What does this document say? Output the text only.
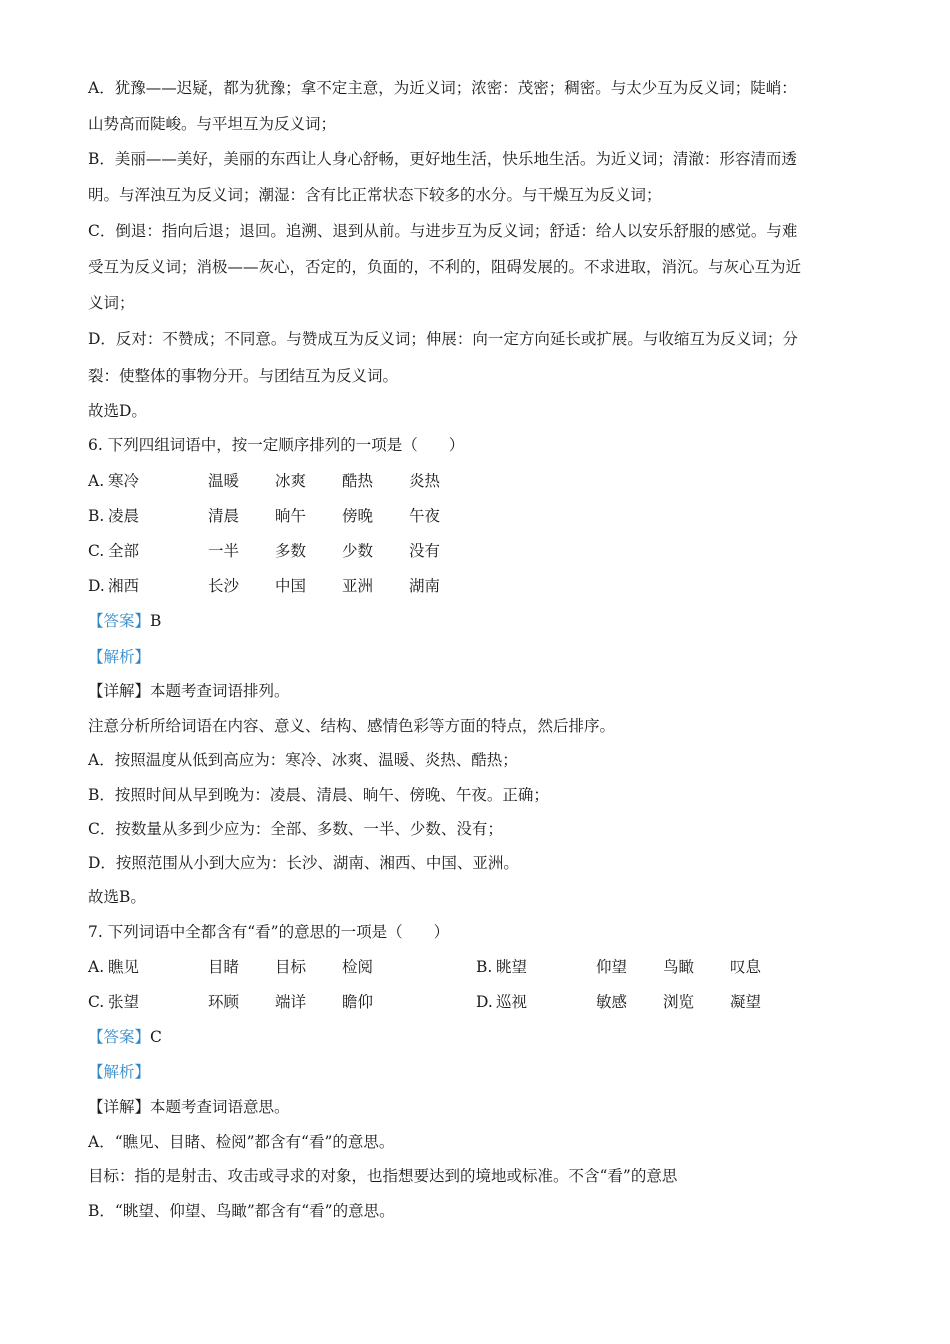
A．犹豫——迟疑，都为犹豫；拿不定主意，为近义词；浓密：茂密；稠密。与太少互为反义词；陡峭：
山势高而陡峻。与平坦互为反义词；
B．美丽——美好，美丽的东西让人身心舒畅，更好地生活，快乐地生活。为近义词；清澈：形容清而透
明。与浑浊互为反义词；潮湿：含有比正常状态下较多的水分。与干燥互为反义词；
C．倒退：指向后退；退回。追溯、退到从前。与进步互为反义词；舒适：给人以安乐舒服的感觉。与难
受互为反义词；消极——灰心，否定的，负面的，不利的，阻碍发展的。不求进取，消沉。与灰心互为近
义词；
D．反对：不赞成；不同意。与赞成互为反义词；伸展：向一定方向延长或扩展。与收缩互为反义词；分
裂：使整体的事物分开。与团结互为反义词。
故选D。
6. 下列四组词语中，按一定顺序排列的一项是（　　）
A. 寒冷	温暖 冰爽 酷热 炎热
B. 凌晨	清晨 晌午 傍晚 午夜
C. 全部	一半 多数 少数 没有
D. 湘西	长沙 中国 亚洲 湖南
【答案】B
【解析】
【详解】本题考查词语排列。
注意分析所给词语在内容、意义、结构、感情色彩等方面的特点，然后排序。
A．按照温度从低到高应为：寒冷、冰爽、温暖、炎热、酷热；
B．按照时间从早到晚为：凌晨、清晨、晌午、傍晚、午夜。正确；
C．按数量从多到少应为：全部、多数、一半、少数、没有；
D．按照范围从小到大应为：长沙、湖南、湘西、中国、亚洲。
故选B。
7. 下列词语中全都含有“看”的意思的一项是（　　）
A. 瞧见	目睹 目标 检阅	B. 眺望	仰望 鸟瞰 叹息
C. 张望	环顾 端详 瞻仰	D. 巡视	敏感 浏览 凝望
【答案】C
【解析】
【详解】本题考查词语意思。
A．“瞧见、目睹、检阅”都含有“看”的意思。
目标：指的是射击、攻击或寻求的对象，也指想要达到的境地或标准。不含“看”的意思
B．“眺望、仰望、鸟瞰”都含有“看”的意思。
